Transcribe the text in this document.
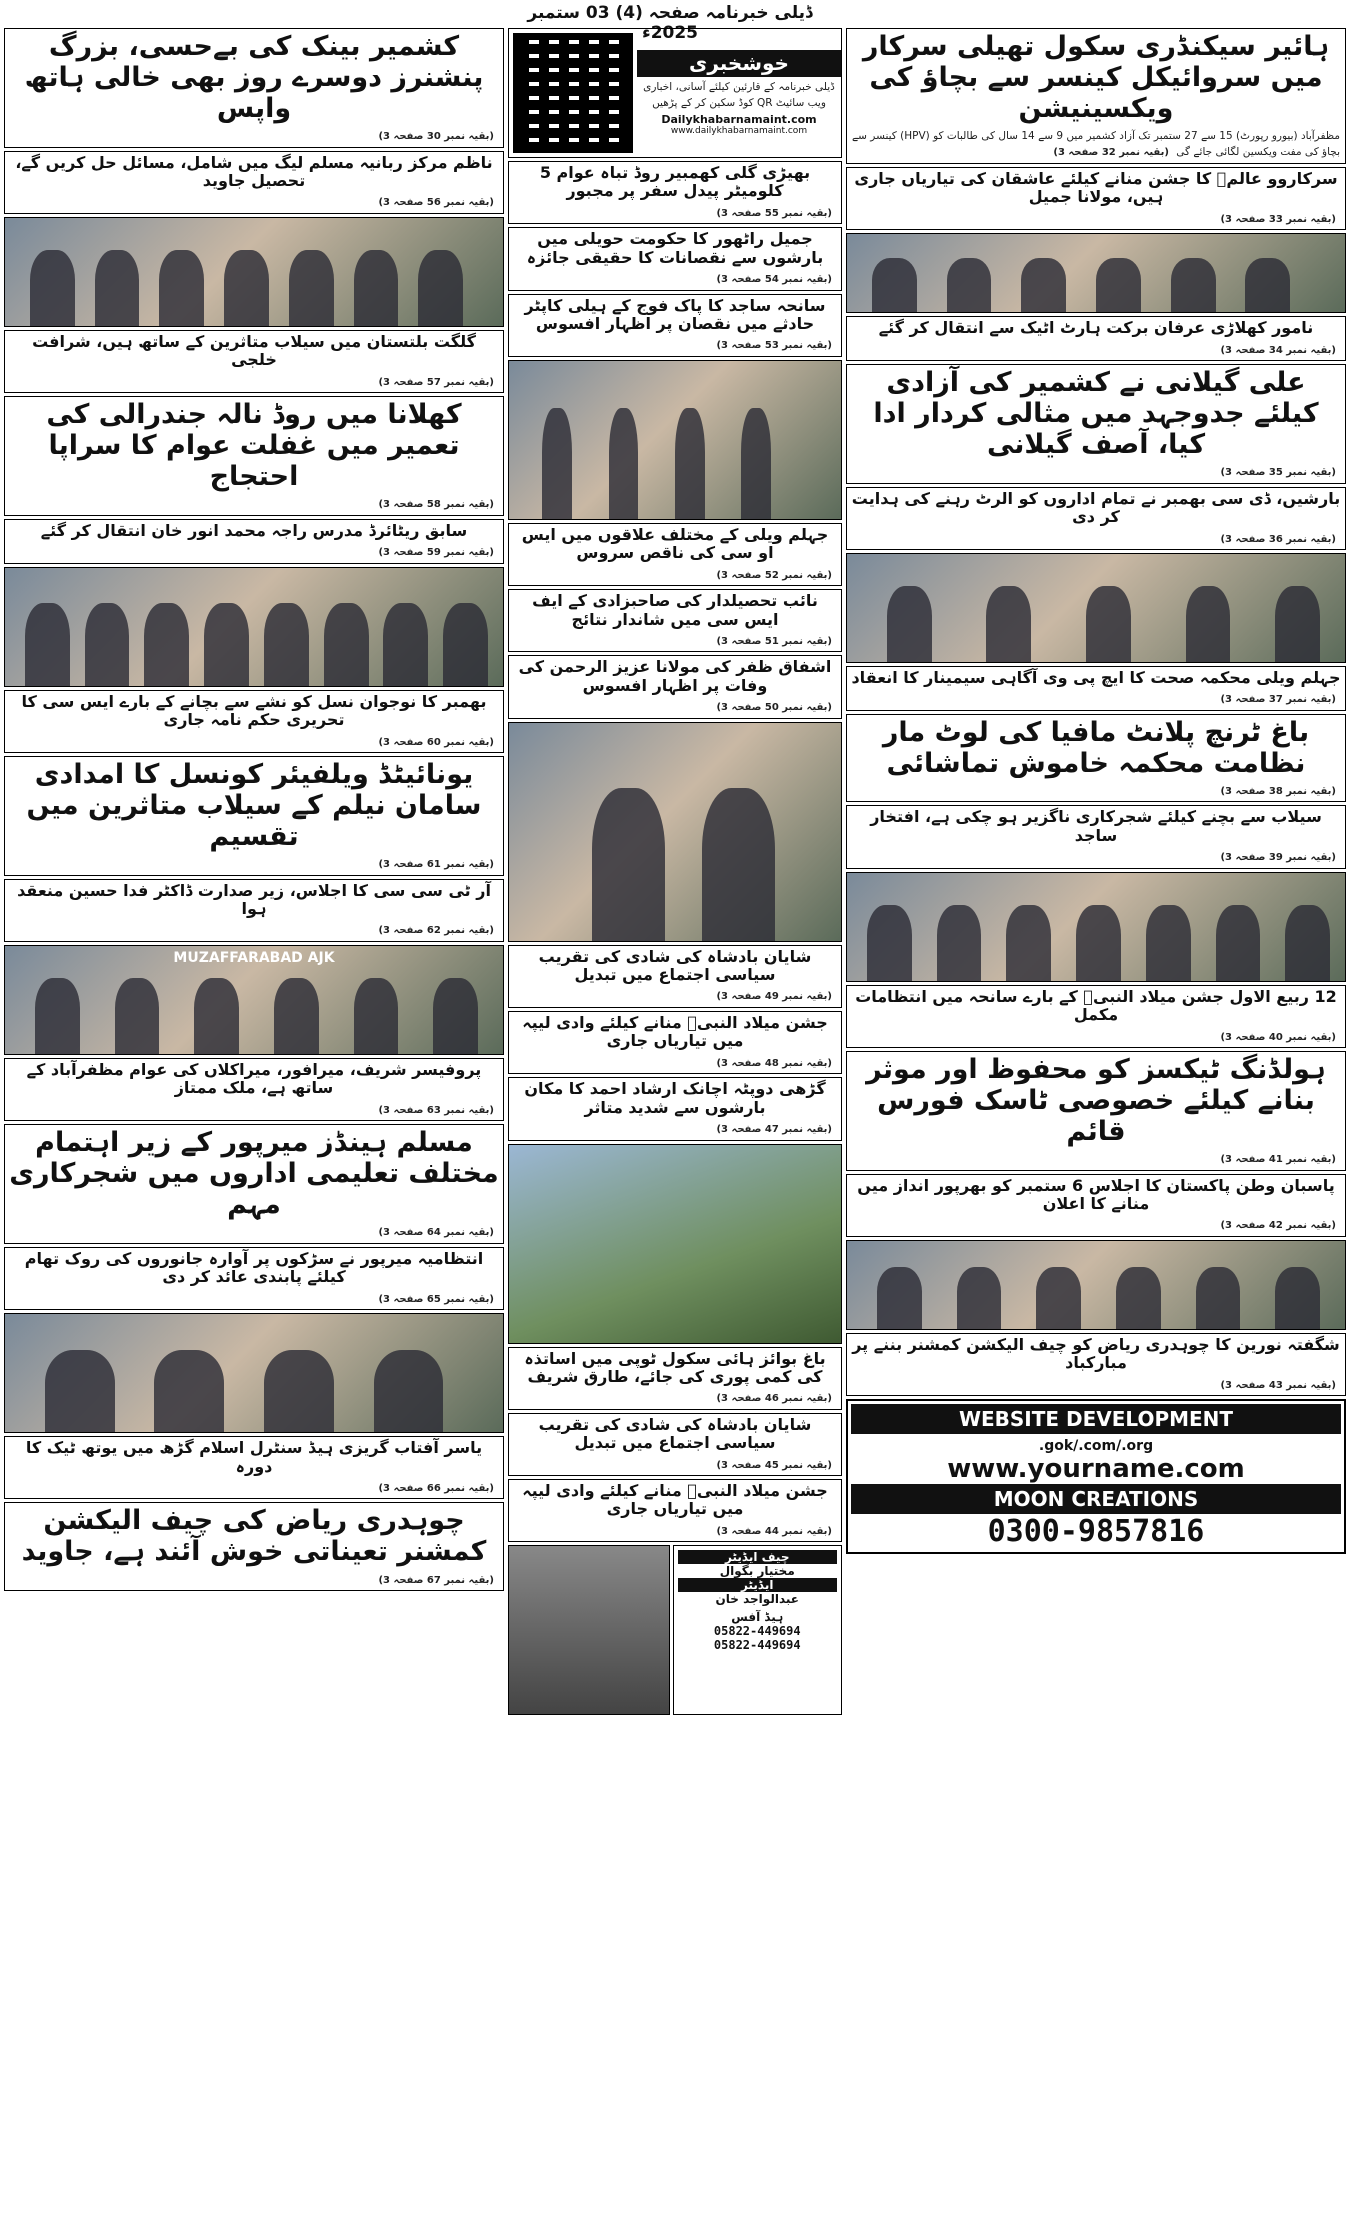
ڈیلی خبرنامہ صفحہ (4) 03 ستمبر 2025ء	ہائیر سیکنڈری سکول تھیلی سرکار میں سروائیکل کینسر سے بچاؤ کی ویکسینیشن
مظفرآباد (بیورو رپورٹ) 15 سے 27 ستمبر تک آزاد کشمیر میں 9 سے 14 سال کی طالبات کو (HPV) کینسر سے بچاؤ کی مفت ویکسین لگائی جائے گی (بقیہ نمبر 32 صفحہ 3)
سرکاروو عالمؐ کا جشن منانے کیلئے عاشقان کی تیاریاں جاری ہیں، مولانا جمیل
(بقیہ نمبر 33 صفحہ 3)
نامور کھلاڑی عرفان برکت ہارٹ اٹیک سے انتقال کر گئے
(بقیہ نمبر 34 صفحہ 3)
علی گیلانی نے کشمیر کی آزادی کیلئے جدوجہد میں مثالی کردار ادا کیا، آصف گیلانی
(بقیہ نمبر 35 صفحہ 3)
بارشیں، ڈی سی بھمبر نے تمام اداروں کو الرٹ رہنے کی ہدایت کر دی
(بقیہ نمبر 36 صفحہ 3)
جہلم ویلی محکمہ صحت کا ایچ پی وی آگاہی سیمینار کا انعقاد
(بقیہ نمبر 37 صفحہ 3)
باغ ٹرنچ پلانٹ مافیا کی لوٹ مار نظامت محکمہ خاموش تماشائی
(بقیہ نمبر 38 صفحہ 3)
سیلاب سے بچنے کیلئے شجرکاری ناگزیر ہو چکی ہے، افتخار ساجد
(بقیہ نمبر 39 صفحہ 3)
12 ربیع الاول جشن میلاد النبیؐ کے بارے سانحہ میں انتظامات مکمل
(بقیہ نمبر 40 صفحہ 3)
ہولڈنگ ٹیکسز کو محفوظ اور موثر بنانے کیلئے خصوصی ٹاسک فورس قائم
(بقیہ نمبر 41 صفحہ 3)
پاسبان وطن پاکستان کا اجلاس 6 ستمبر کو بھرپور انداز میں منانے کا اعلان
(بقیہ نمبر 42 صفحہ 3)
شگفتہ نورین کا چوہدری ریاض کو چیف الیکشن کمشنر بننے پر مبارکباد
(بقیہ نمبر 43 صفحہ 3)
WEBSITE DEVELOPMENT
.gok/.com/.org
www.yourname.com
MOON CREATIONS
0300-9857816
خوشخبری
ڈیلی خبرنامہ کے قارئین کیلئے آسانی، اخباری ویب سائیٹ QR کوڈ سکین کر کے پڑھیں
Dailykhabarnamaint.com
www.dailykhabarnamaint.com
بھیڑی گلی کھمبیر روڈ تباہ عوام 5 کلومیٹر پیدل سفر پر مجبور
(بقیہ نمبر 55 صفحہ 3)
جمیل راٹھور کا حکومت حویلی میں بارشوں سے نقصانات کا حقیقی جائزہ
(بقیہ نمبر 54 صفحہ 3)
سانحہ ساجد کا پاک فوج کے ہیلی کاپٹر حادثے میں نقصان پر اظہار افسوس
(بقیہ نمبر 53 صفحہ 3)
جہلم ویلی کے مختلف علاقوں میں ایس او سی کی ناقص سروس
(بقیہ نمبر 52 صفحہ 3)
نائب تحصیلدار کی صاحبزادی کے ایف ایس سی میں شاندار نتائج
(بقیہ نمبر 51 صفحہ 3)
اشفاق ظفر کی مولانا عزیز الرحمن کی وفات پر اظہار افسوس
(بقیہ نمبر 50 صفحہ 3)
شایان بادشاہ کی شادی کی تقریب سیاسی اجتماع میں تبدیل
(بقیہ نمبر 49 صفحہ 3)
جشن میلاد النبیؐ منانے کیلئے وادی لیپہ میں تیاریاں جاری
(بقیہ نمبر 48 صفحہ 3)
گڑھی دوپٹہ اچانک ارشاد احمد کا مکان بارشوں سے شدید متاثر
(بقیہ نمبر 47 صفحہ 3)
باغ بوائز ہائی سکول ٹوپی میں اساتذہ کی کمی پوری کی جائے، طارق شریف
(بقیہ نمبر 46 صفحہ 3)
شایان بادشاہ کی شادی کی تقریب سیاسی اجتماع میں تبدیل
(بقیہ نمبر 45 صفحہ 3)
جشن میلاد النبیؐ منانے کیلئے وادی لیپہ میں تیاریاں جاری
(بقیہ نمبر 44 صفحہ 3)
چیف ایڈیٹر
مختیار بگوال
ایڈیٹر
عبدالواجد خان
ہیڈ آفس
05822-449694
05822-449694
کشمیر بینک کی بےحسی، بزرگ پنشنرز دوسرے روز بھی خالی ہاتھ واپس
(بقیہ نمبر 30 صفحہ 3)
ناظم مرکز ربانیہ مسلم لیگ میں شامل، مسائل حل کریں گے، تحصیل جاوید
(بقیہ نمبر 56 صفحہ 3)
گلگت بلتستان میں سیلاب متاثرین کے ساتھ ہیں، شرافت خلجی
(بقیہ نمبر 57 صفحہ 3)
کھلانا میں روڈ نالہ جندرالی کی تعمیر میں غفلت عوام کا سراپا احتجاج
(بقیہ نمبر 58 صفحہ 3)
سابق ریٹائرڈ مدرس راجہ محمد انور خان انتقال کر گئے
(بقیہ نمبر 59 صفحہ 3)
بھمبر کا نوجوان نسل کو نشے سے بچانے کے بارے ایس سی کا تحریری حکم نامہ جاری
(بقیہ نمبر 60 صفحہ 3)
یونائیٹڈ ویلفیئر کونسل کا امدادی سامان نیلم کے سیلاب متاثرین میں تقسیم
(بقیہ نمبر 61 صفحہ 3)
آر ٹی سی سی کا اجلاس، زیر صدارت ڈاکٹر فدا حسین منعقد ہوا
(بقیہ نمبر 62 صفحہ 3)
MUZAFFARABAD AJK
پروفیسر شریف، میرافور، میراکلاں کی عوام مظفرآباد کے ساتھ ہے، ملک ممتاز
(بقیہ نمبر 63 صفحہ 3)
مسلم ہینڈز میرپور کے زیر اہتمام مختلف تعلیمی اداروں میں شجرکاری مہم
(بقیہ نمبر 64 صفحہ 3)
انتظامیہ میرپور نے سڑکوں پر آوارہ جانوروں کی روک تھام کیلئے پابندی عائد کر دی
(بقیہ نمبر 65 صفحہ 3)
یاسر آفتاب گریزی ہیڈ سنٹرل اسلام گڑھ میں یوتھ ٹیک کا دورہ
(بقیہ نمبر 66 صفحہ 3)
چوہدری ریاض کی چیف الیکشن کمشنر تعیناتی خوش آئند ہے، جاوید
(بقیہ نمبر 67 صفحہ 3)
